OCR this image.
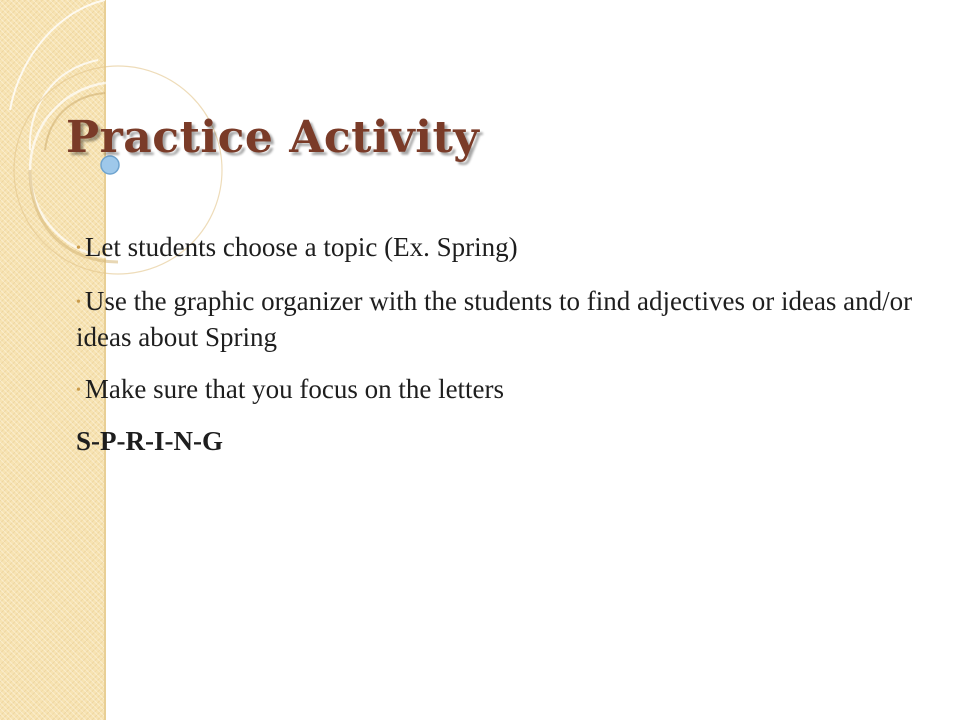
Practice Activity

• Let students choose a topic (Ex. Spring)

• Use the graphic organizer with the students to find adjectives or ideas and/or ideas about Spring

• Make sure that you focus on the letters

S-P-R-I-N-G
